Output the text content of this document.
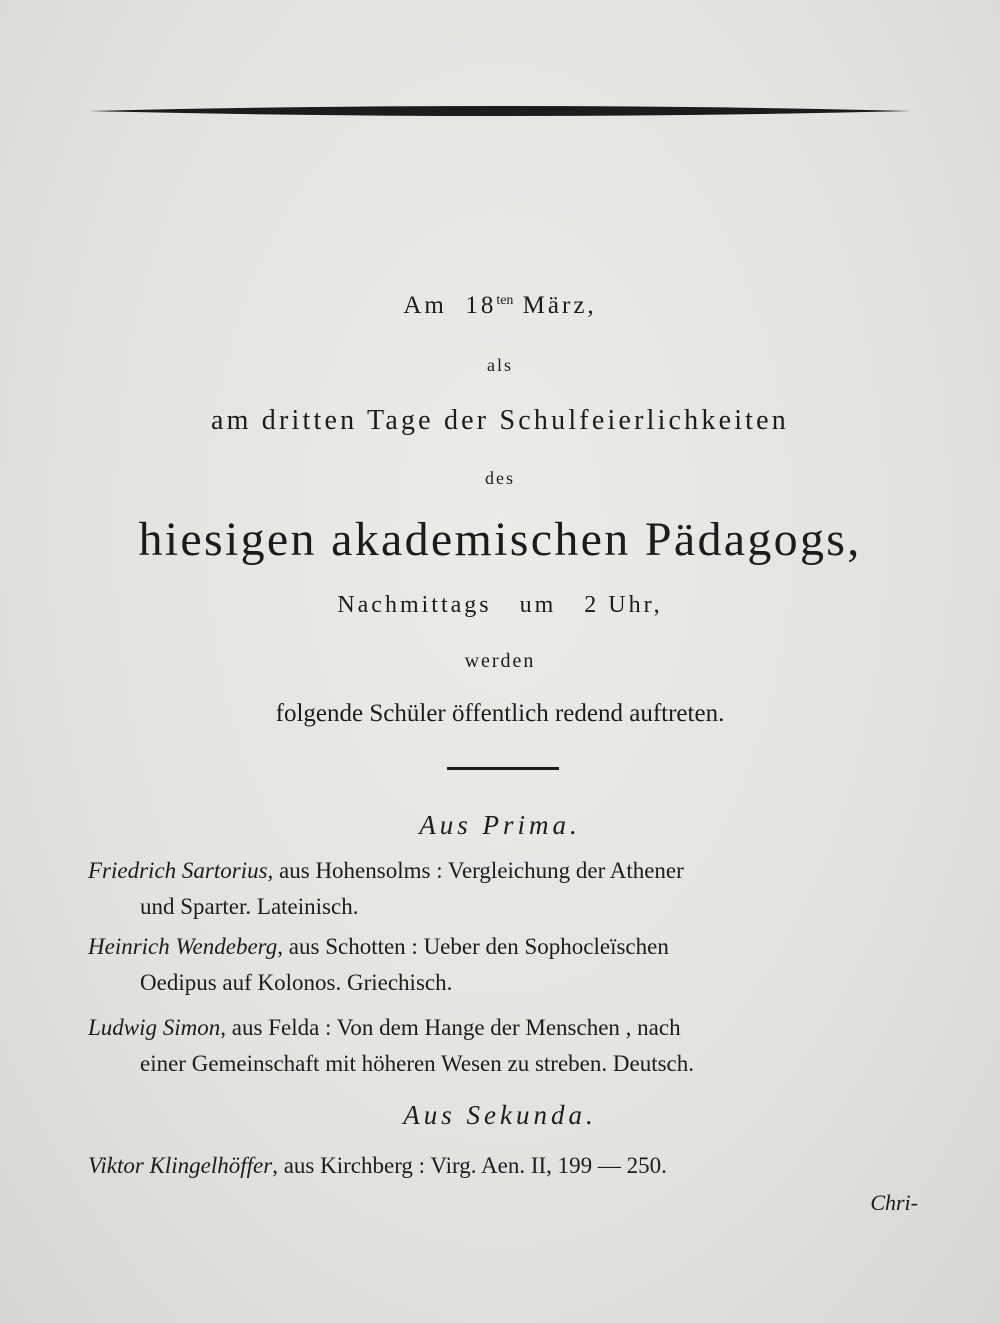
Am $18^{ten}$ März,
als
am dritten Tage der Schulfeierlichkeiten
des
hiesigen akademischen Pädagogs,
Nachmittags um 2 Uhr,
werden
folgende Schüler öffentlich redend auftreten.
Aus Prima.
Friedrich Sartorius, aus Hohensolms : Vergleichung der Athener
und Sparter. Lateinisch.
Heinrich Wendeberg, aus Schotten : Ueber den Sophocleïschen
Oedipus auf Kolonos. Griechisch.
Ludwig Simon, aus Felda : Von dem Hange der Menschen , nach
einer Gemeinschaft mit höheren Wesen zu streben. Deutsch.
Aus Sekunda.
Viktor Klingelhöffer, aus Kirchberg : Virg. Aen. II, 199 — 250.
Chri-
